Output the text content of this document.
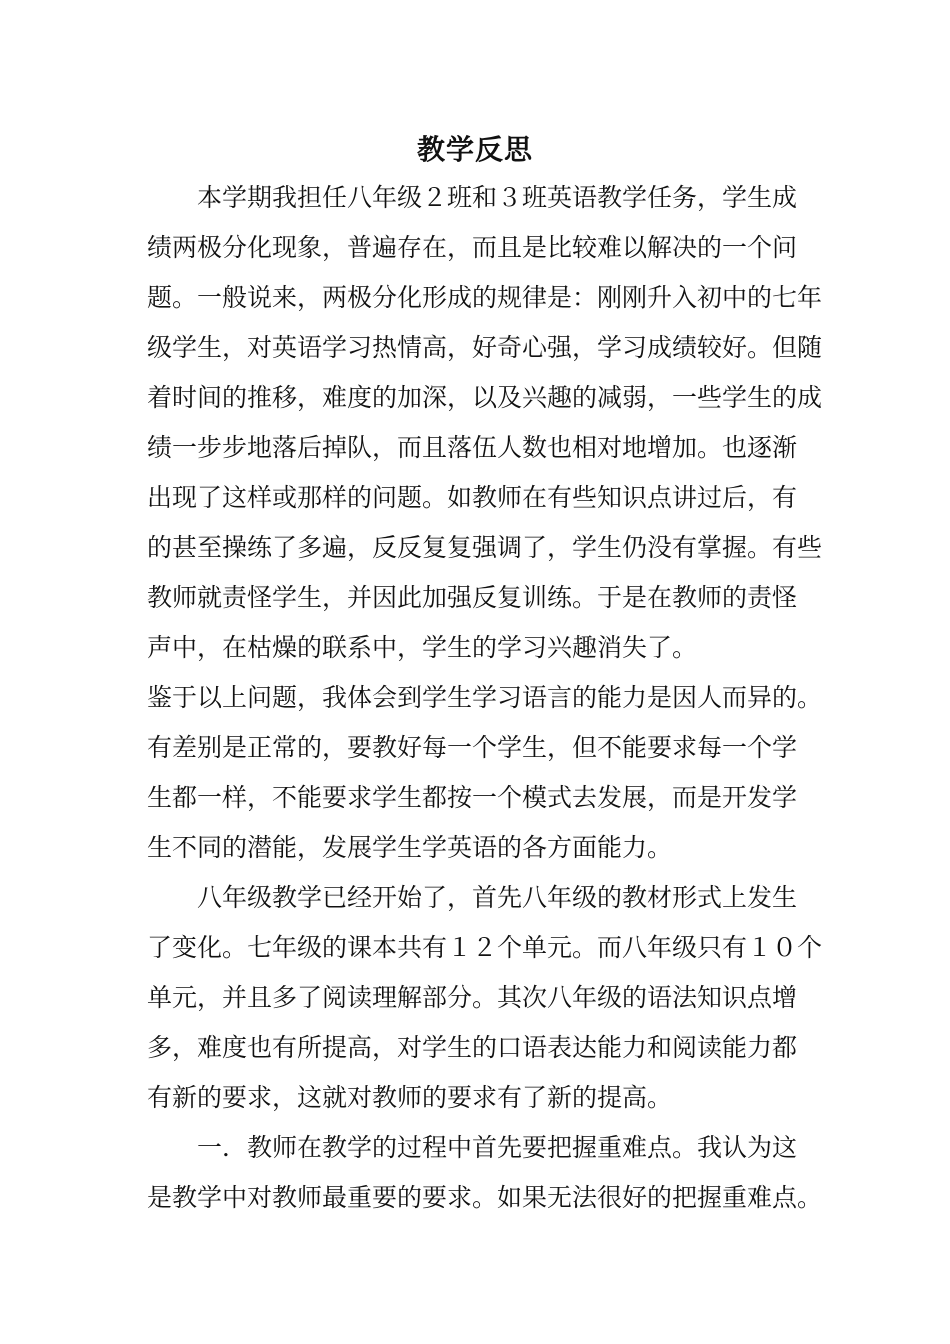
教学反思
　　本学期我担任八年级２班和３班英语教学任务，学生成
绩两极分化现象，普遍存在，而且是比较难以解决的一个问
题。一般说来，两极分化形成的规律是：刚刚升入初中的七年
级学生，对英语学习热情高，好奇心强，学习成绩较好。但随
着时间的推移，难度的加深，以及兴趣的减弱，一些学生的成
绩一步步地落后掉队，而且落伍人数也相对地增加。也逐渐
出现了这样或那样的问题。如教师在有些知识点讲过后，有
的甚至操练了多遍，反反复复强调了，学生仍没有掌握。有些
教师就责怪学生，并因此加强反复训练。于是在教师的责怪
声中，在枯燥的联系中，学生的学习兴趣消失了。
鉴于以上问题，我体会到学生学习语言的能力是因人而异的。
有差别是正常的，要教好每一个学生，但不能要求每一个学
生都一样，不能要求学生都按一个模式去发展，而是开发学
生不同的潜能，发展学生学英语的各方面能力。
　　八年级教学已经开始了，首先八年级的教材形式上发生
了变化。七年级的课本共有１２个单元。而八年级只有１０个
单元，并且多了阅读理解部分。其次八年级的语法知识点增
多，难度也有所提高，对学生的口语表达能力和阅读能力都
有新的要求，这就对教师的要求有了新的提高。
　　一．教师在教学的过程中首先要把握重难点。我认为这
是教学中对教师最重要的要求。如果无法很好的把握重难点。
